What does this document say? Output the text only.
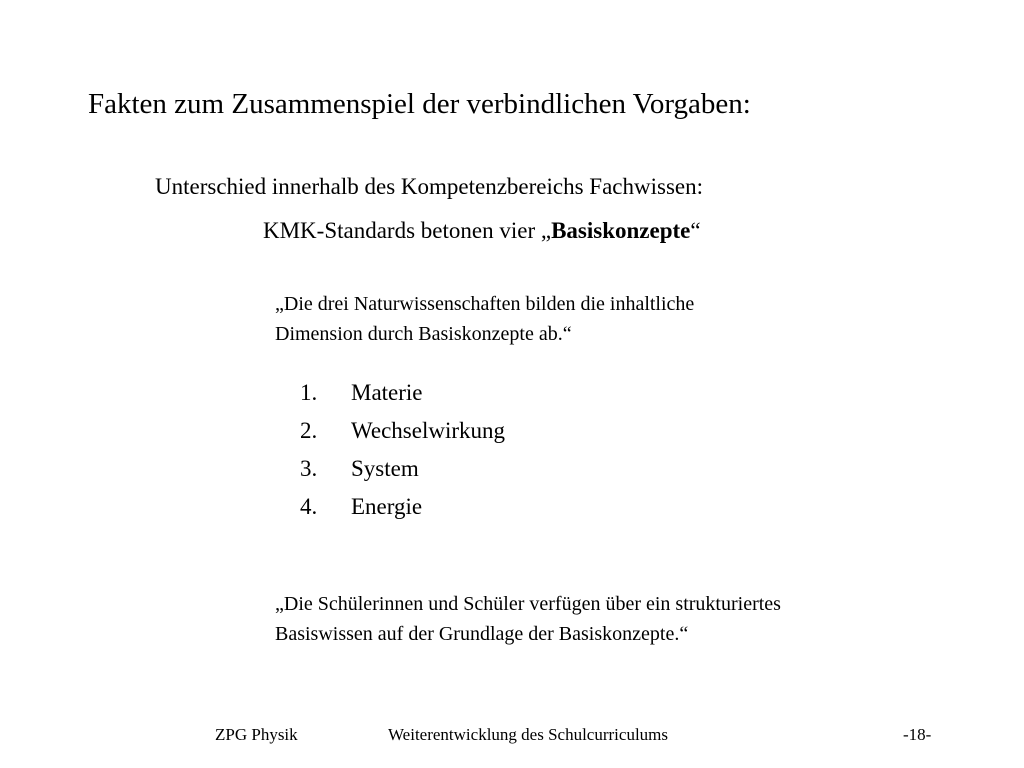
Fakten zum Zusammenspiel der verbindlichen Vorgaben:
Unterschied innerhalb des Kompetenzbereichs Fachwissen:
KMK-Standards betonen vier „Basiskonzepte“
„Die drei Naturwissenschaften bilden die inhaltliche
Dimension durch Basiskonzepte ab.“
1.	Materie
2.	Wechselwirkung
3.	System
4.	Energie
„Die Schülerinnen und Schüler verfügen über ein strukturiertes
Basiswissen auf der Grundlage der Basiskonzepte.“
ZPG Physik	Weiterentwicklung des Schulcurriculums	-18-
